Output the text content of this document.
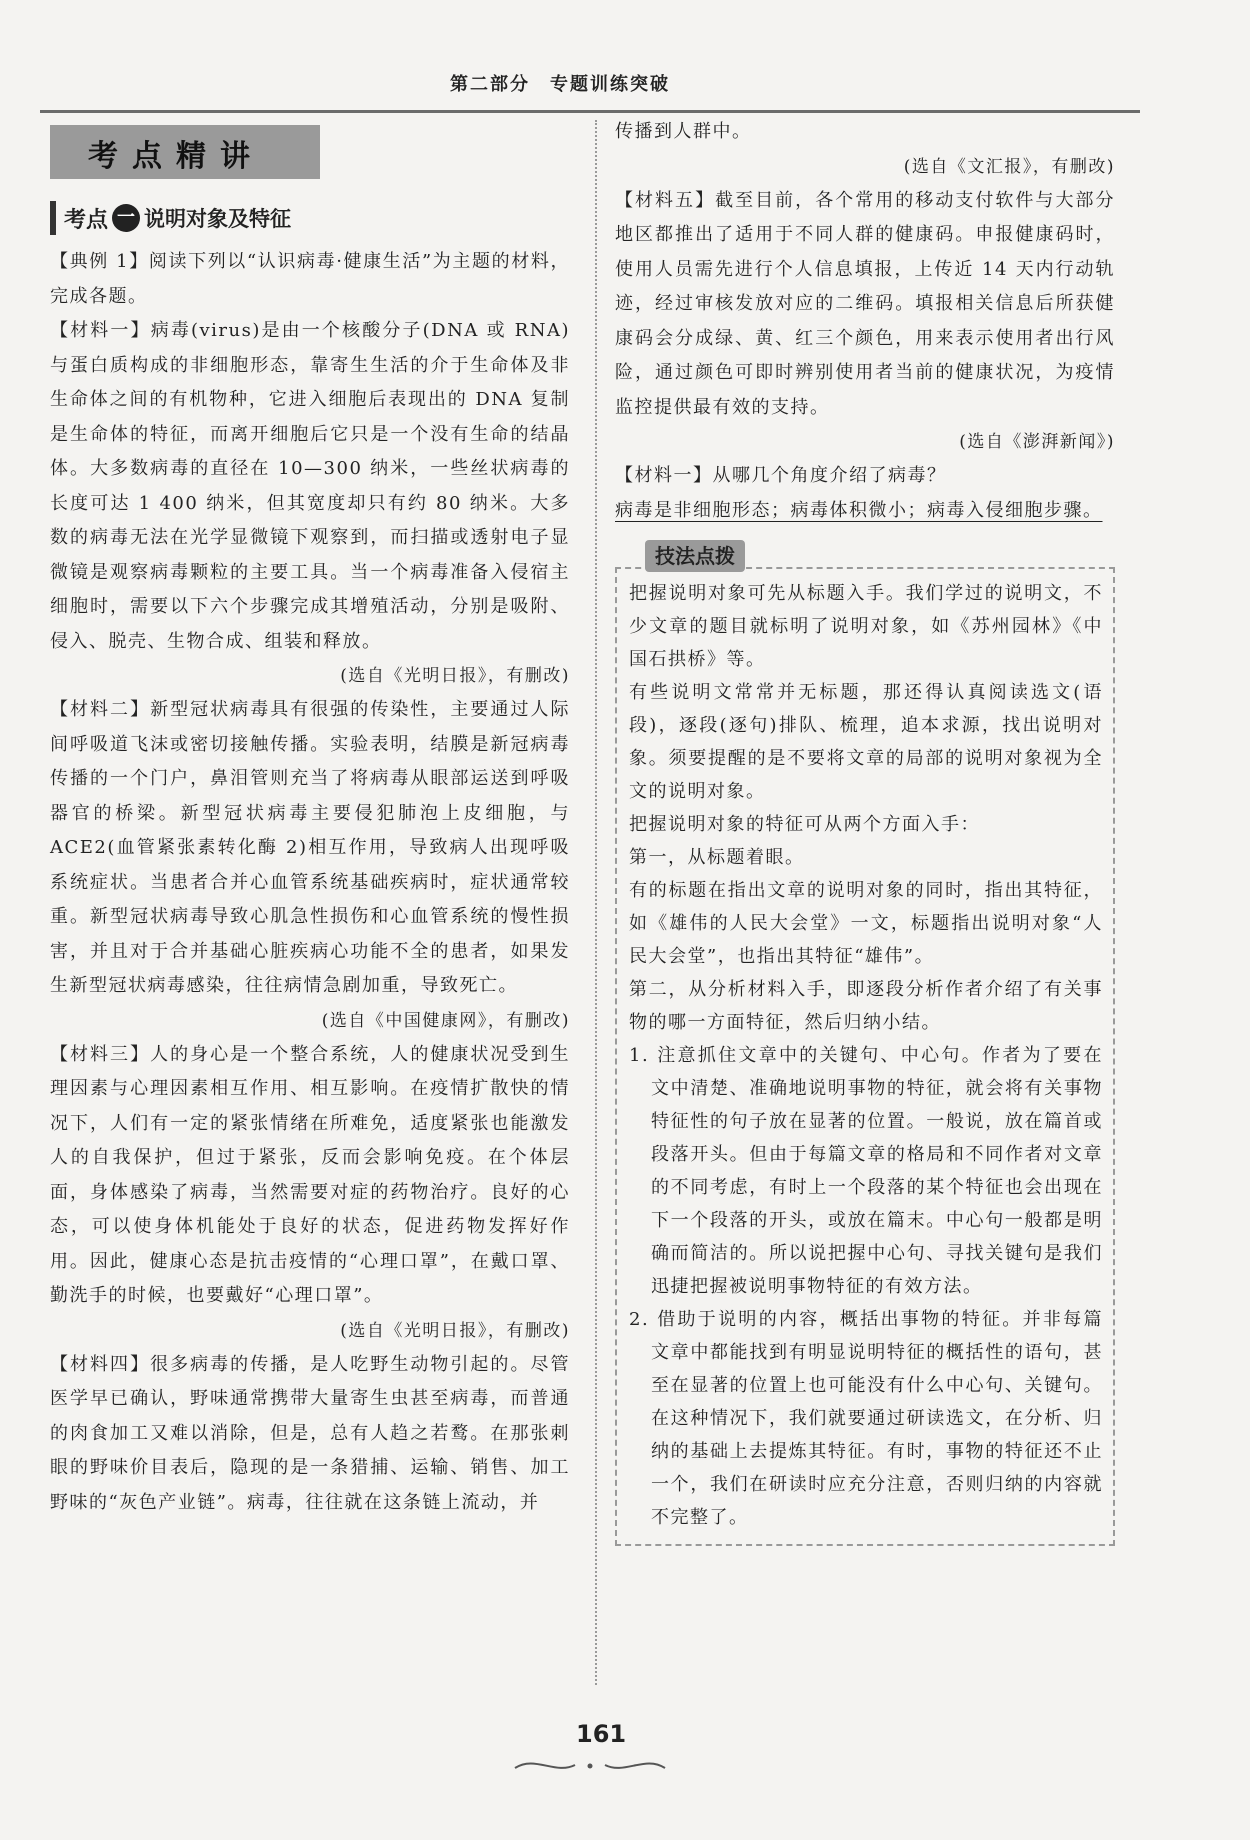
第二部分　专题训练突破
考点精讲
考点 一 说明对象及特征

【典例 1】阅读下列以“认识病毒·健康生活”为主题的材料，完成各题。

【材料一】病毒(virus)是由一个核酸分子(DNA 或 RNA)与蛋白质构成的非细胞形态，靠寄生生活的介于生命体及非生命体之间的有机物种，它进入细胞后表现出的 DNA 复制是生命体的特征，而离开细胞后它只是一个没有生命的结晶体。大多数病毒的直径在 10—300 纳米，一些丝状病毒的长度可达 1 400 纳米，但其宽度却只有约 80 纳米。大多数的病毒无法在光学显微镜下观察到，而扫描或透射电子显微镜是观察病毒颗粒的主要工具。当一个病毒准备入侵宿主细胞时，需要以下六个步骤完成其增殖活动，分别是吸附、侵入、脱壳、生物合成、组装和释放。

(选自《光明日报》，有删改)

【材料二】新型冠状病毒具有很强的传染性，主要通过人际间呼吸道飞沫或密切接触传播。实验表明，结膜是新冠病毒传播的一个门户，鼻泪管则充当了将病毒从眼部运送到呼吸器官的桥梁。新型冠状病毒主要侵犯肺泡上皮细胞，与 ACE2(血管紧张素转化酶 2)相互作用，导致病人出现呼吸系统症状。当患者合并心血管系统基础疾病时，症状通常较重。新型冠状病毒导致心肌急性损伤和心血管系统的慢性损害，并且对于合并基础心脏疾病心功能不全的患者，如果发生新型冠状病毒感染，往往病情急剧加重，导致死亡。

(选自《中国健康网》，有删改)

【材料三】人的身心是一个整合系统，人的健康状况受到生理因素与心理因素相互作用、相互影响。在疫情扩散快的情况下，人们有一定的紧张情绪在所难免，适度紧张也能激发人的自我保护，但过于紧张，反而会影响免疫。在个体层面，身体感染了病毒，当然需要对症的药物治疗。良好的心态，可以使身体机能处于良好的状态，促进药物发挥好作用。因此，健康心态是抗击疫情的“心理口罩”，在戴口罩、勤洗手的时候，也要戴好“心理口罩”。

(选自《光明日报》，有删改)

【材料四】很多病毒的传播，是人吃野生动物引起的。尽管医学早已确认，野味通常携带大量寄生虫甚至病毒，而普通的肉食加工又难以消除，但是，总有人趋之若鹜。在那张刺眼的野味价目表后，隐现的是一条猎捕、运输、销售、加工野味的“灰色产业链”。病毒，往往就在这条链上流动，并

传播到人群中。

(选自《文汇报》，有删改)

【材料五】截至目前，各个常用的移动支付软件与大部分地区都推出了适用于不同人群的健康码。申报健康码时，使用人员需先进行个人信息填报，上传近 14 天内行动轨迹，经过审核发放对应的二维码。填报相关信息后所获健康码会分成绿、黄、红三个颜色，用来表示使用者出行风险，通过颜色可即时辨别使用者当前的健康状况，为疫情监控提供最有效的支持。

(选自《澎湃新闻》)

【材料一】从哪几个角度介绍了病毒？

病毒是非细胞形态；病毒体积微小；病毒入侵细胞步骤。

技法点拨

把握说明对象可先从标题入手。我们学过的说明文，不少文章的题目就标明了说明对象，如《苏州园林》《中国石拱桥》等。

有些说明文常常并无标题，那还得认真阅读选文(语段)，逐段(逐句)排队、梳理，追本求源，找出说明对象。须要提醒的是不要将文章的局部的说明对象视为全文的说明对象。

把握说明对象的特征可从两个方面入手：

第一，从标题着眼。

有的标题在指出文章的说明对象的同时，指出其特征，如《雄伟的人民大会堂》一文，标题指出说明对象“人民大会堂”，也指出其特征“雄伟”。

第二，从分析材料入手，即逐段分析作者介绍了有关事物的哪一方面特征，然后归纳小结。

1. 注意抓住文章中的关键句、中心句。作者为了要在文中清楚、准确地说明事物的特征，就会将有关事物特征性的句子放在显著的位置。一般说，放在篇首或段落开头。但由于每篇文章的格局和不同作者对文章的不同考虑，有时上一个段落的某个特征也会出现在下一个段落的开头，或放在篇末。中心句一般都是明确而简洁的。所以说把握中心句、寻找关键句是我们迅捷把握被说明事物特征的有效方法。

2. 借助于说明的内容，概括出事物的特征。并非每篇文章中都能找到有明显说明特征的概括性的语句，甚至在显著的位置上也可能没有什么中心句、关键句。在这种情况下，我们就要通过研读选文，在分析、归纳的基础上去提炼其特征。有时，事物的特征还不止一个，我们在研读时应充分注意，否则归纳的内容就不完整了。

161
